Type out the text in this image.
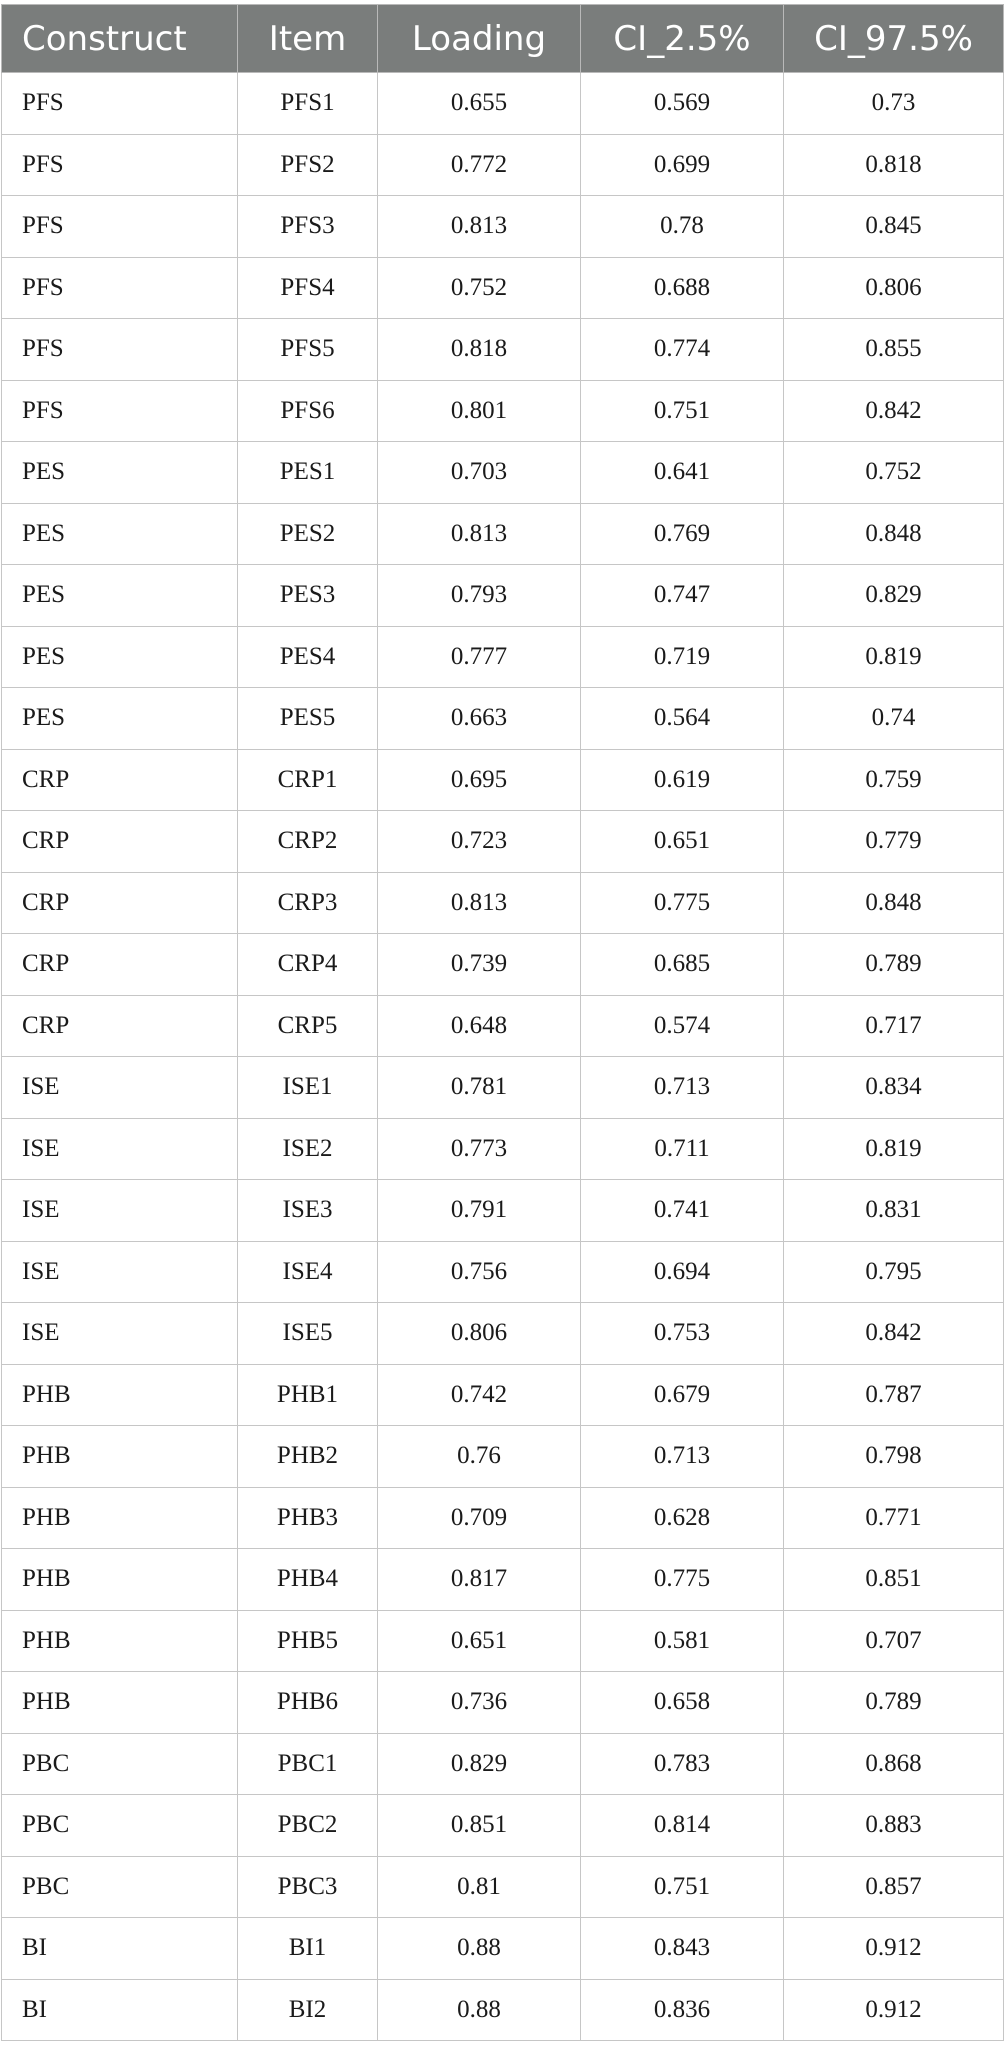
Construct	Item	Loading	CI_2.5%	CI_97.5%
PFS	PFS1	0.655	0.569	0.73
PFS	PFS2	0.772	0.699	0.818
PFS	PFS3	0.813	0.78	0.845
PFS	PFS4	0.752	0.688	0.806
PFS	PFS5	0.818	0.774	0.855
PFS	PFS6	0.801	0.751	0.842
PES	PES1	0.703	0.641	0.752
PES	PES2	0.813	0.769	0.848
PES	PES3	0.793	0.747	0.829
PES	PES4	0.777	0.719	0.819
PES	PES5	0.663	0.564	0.74
CRP	CRP1	0.695	0.619	0.759
CRP	CRP2	0.723	0.651	0.779
CRP	CRP3	0.813	0.775	0.848
CRP	CRP4	0.739	0.685	0.789
CRP	CRP5	0.648	0.574	0.717
ISE	ISE1	0.781	0.713	0.834
ISE	ISE2	0.773	0.711	0.819
ISE	ISE3	0.791	0.741	0.831
ISE	ISE4	0.756	0.694	0.795
ISE	ISE5	0.806	0.753	0.842
PHB	PHB1	0.742	0.679	0.787
PHB	PHB2	0.76	0.713	0.798
PHB	PHB3	0.709	0.628	0.771
PHB	PHB4	0.817	0.775	0.851
PHB	PHB5	0.651	0.581	0.707
PHB	PHB6	0.736	0.658	0.789
PBC	PBC1	0.829	0.783	0.868
PBC	PBC2	0.851	0.814	0.883
PBC	PBC3	0.81	0.751	0.857
BI	BI1	0.88	0.843	0.912
BI	BI2	0.88	0.836	0.912
